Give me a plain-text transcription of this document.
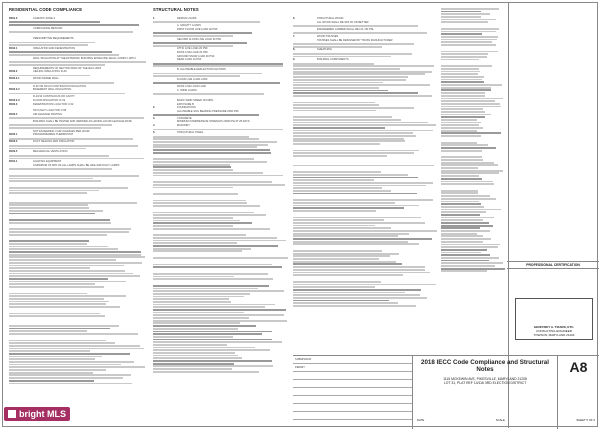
RESIDENTIAL CODE COMPLIANCE
R301.2	CLIMATIC ZONE 4
COMPLIANCE METHOD:
PRESCRIPTIVE REQUIREMENTS
R402.1	INSULATION AND FENESTRATION
WALL INSULATION AT THE EXTERIOR, BUILDING ENVELOPE SHALL COMPLY WITH
REQUIREMENTS OF SECTION R402 OF THE IECC 2018
R402.2	CEILING INSULATION: R-49
R402.2.1	WOOD FRAME WALL:
R-20 OR R13+5 CONTINUOUS INSULATION
R402.2.2	BASEMENT WALL INSULATION:
R-10/13 CONTINUOUS OR CAVITY
R402.2.3	FLOOR INSULATION: R-19
R402.3	FENESTRATION U-FACTOR: 0.32
SKYLIGHT U-FACTOR: 0.55
R402.4	AIR LEAKAGE TESTING
BUILDING SHALL BE TESTED AND VERIFIED AS HAVING AN AIR LEAKAGE RATE
NOT EXCEEDING 3 AIR CHANGES PER HOUR
R403.1	PROGRAMMABLE THERMOSTAT
R403.3	DUCT SEALING AND INSULATION
R403.5	MECHANICAL VENTILATION
R404.1	LIGHTING EQUIPMENT
A MINIMUM OF 90% OF ALL LAMPS SHALL BE HIGH EFFICACY LAMPS
STRUCTURAL NOTES
1.	DESIGN LOADS
A. GRAVITY LOADS
FIRST FLOOR LIVE LOAD 40 PSF
SECOND FLOOR LIVE LOAD 30 PSF
ATTIC LIVE LOAD 20 PSF
ROOF LIVE LOAD 20 PSF
GROUND SNOW LOAD 30 PSF
DEAD LOAD 10 PSF
B. ALLOWABLE DEFLECTION FACTORS
FLOOR LIVE LOAD L/360
ROOF LIVE LOAD L/240
C. WIND LOADS
BASIC WIND SPEED 115 MPH
EXPOSURE B
2.	FOUNDATIONS
ALLOWABLE SOIL BEARING PRESSURE 2000 PSF
3.	CONCRETE
MINIMUM COMPRESSIVE STRENGTH 3000 PSI AT 28 DAYS
4.	MASONRY
5.	STRUCTURAL STEEL
6.	STRUCTURAL WOOD
ALL WOOD SHALL BE SPF #2 OR BETTER
ENGINEERED LUMBER SHALL BE LVL OR PSL
7.	WOOD TRUSSES
TRUSSES SHALL BE DESIGNED BY TRUSS MANUFACTURER
8.	SHEATHING
9.	BUILDING COMPONENTS
PROFESSIONAL CERTIFICATION
GEOFFREY A. TIZARD, ETC.
CONSULTING ENGINEER
TOWSON, MARYLAND 21204
SUBMISSION
PERMIT
2018 IECC Code Compliance and Structural Notes
1115 MCKEWIN AVE, PIKESVILLE, MARYLAND 21208
LOT 31, PLAT REF 14/116 3RD ELECTION DISTRICT
DATE	SCALE	SHEET 5 OF 9
A8
bright MLS
